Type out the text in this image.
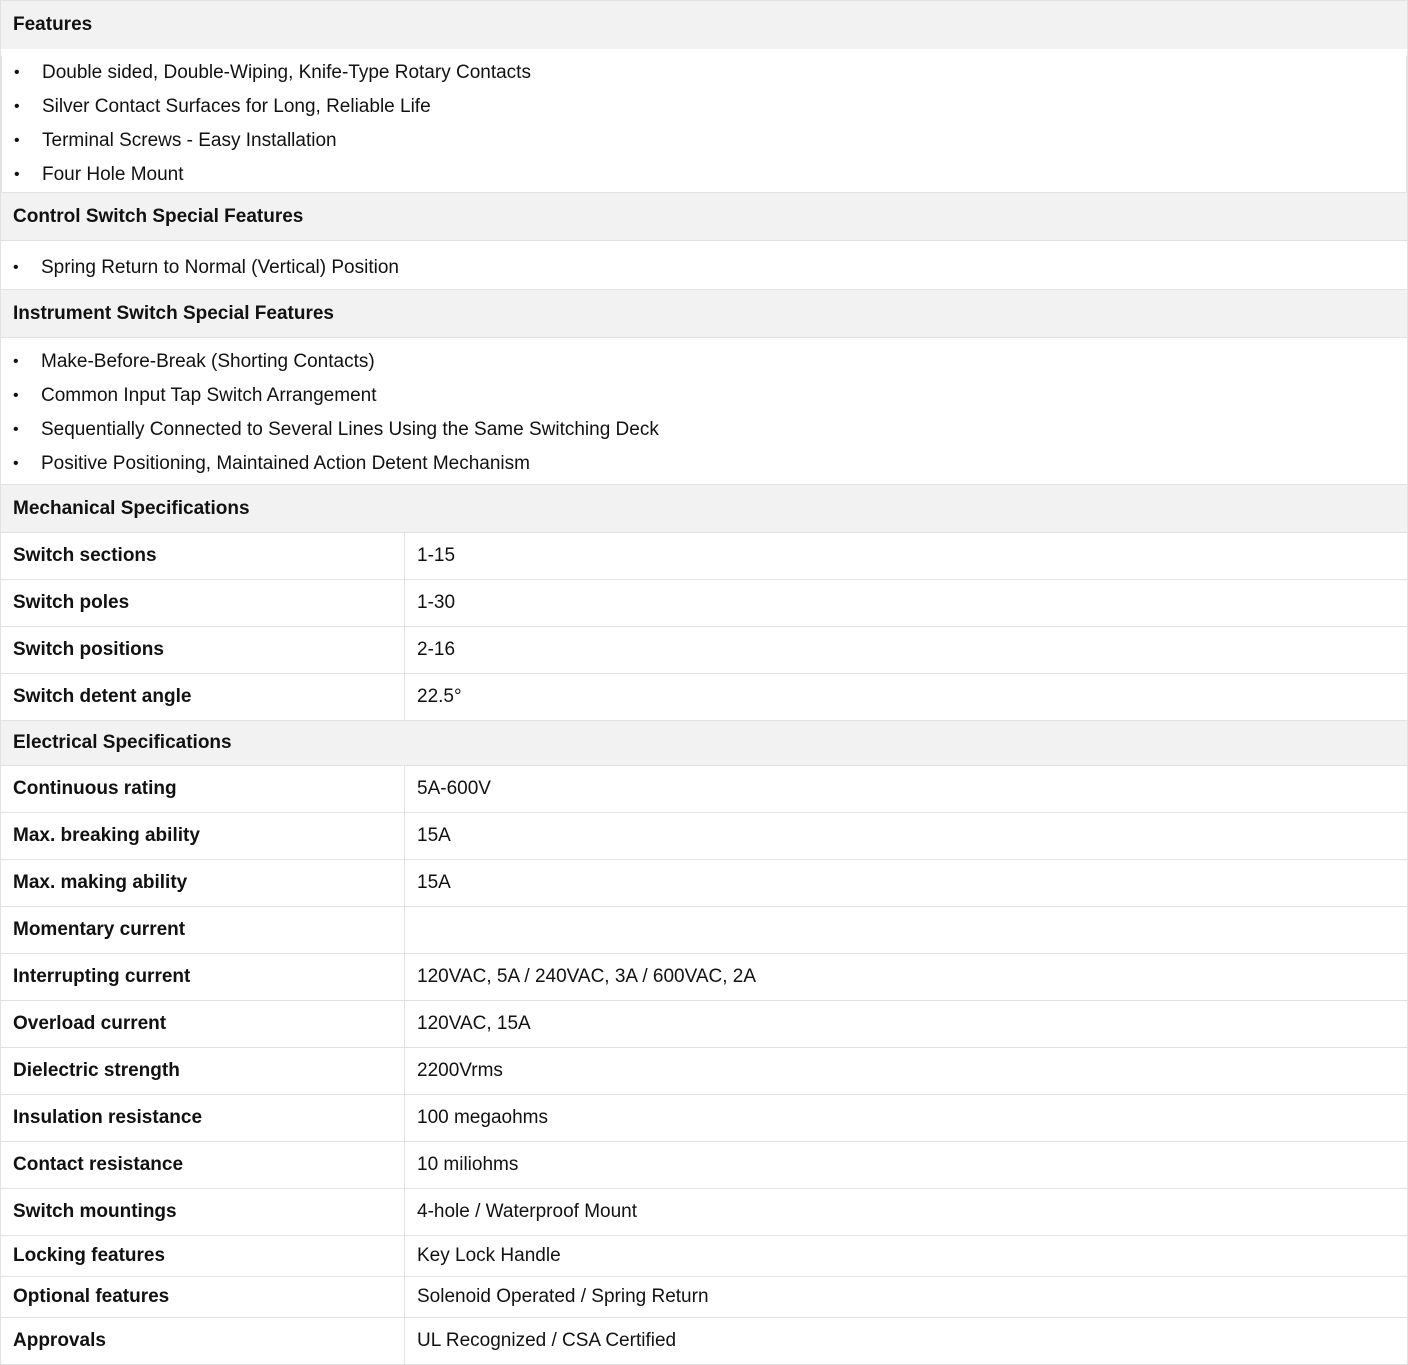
Features
•	Double sided, Double-Wiping, Knife-Type Rotary Contacts
•	Silver Contact Surfaces for Long, Reliable Life
•	Terminal Screws - Easy Installation
•	Four Hole Mount
Control Switch Special Features
•	Spring Return to Normal (Vertical) Position
Instrument Switch Special Features
•	Make-Before-Break (Shorting Contacts)
•	Common Input Tap Switch Arrangement
•	Sequentially Connected to Several Lines Using the Same Switching Deck
•	Positive Positioning, Maintained Action Detent Mechanism
Mechanical Specifications
Switch sections	1-15
Switch poles	1-30
Switch positions	2-16
Switch detent angle	22.5°
Electrical Specifications
Continuous rating	5A-600V
Max. breaking ability	15A
Max. making ability	15A
Momentary current	
Interrupting current	120VAC, 5A / 240VAC, 3A / 600VAC, 2A
Overload current	120VAC, 15A
Dielectric strength	2200Vrms
Insulation resistance	100 megaohms
Contact resistance	10 miliohms
Switch mountings	4-hole / Waterproof Mount
Locking features	Key Lock Handle
Optional features	Solenoid Operated / Spring Return
Approvals	UL Recognized / CSA Certified
